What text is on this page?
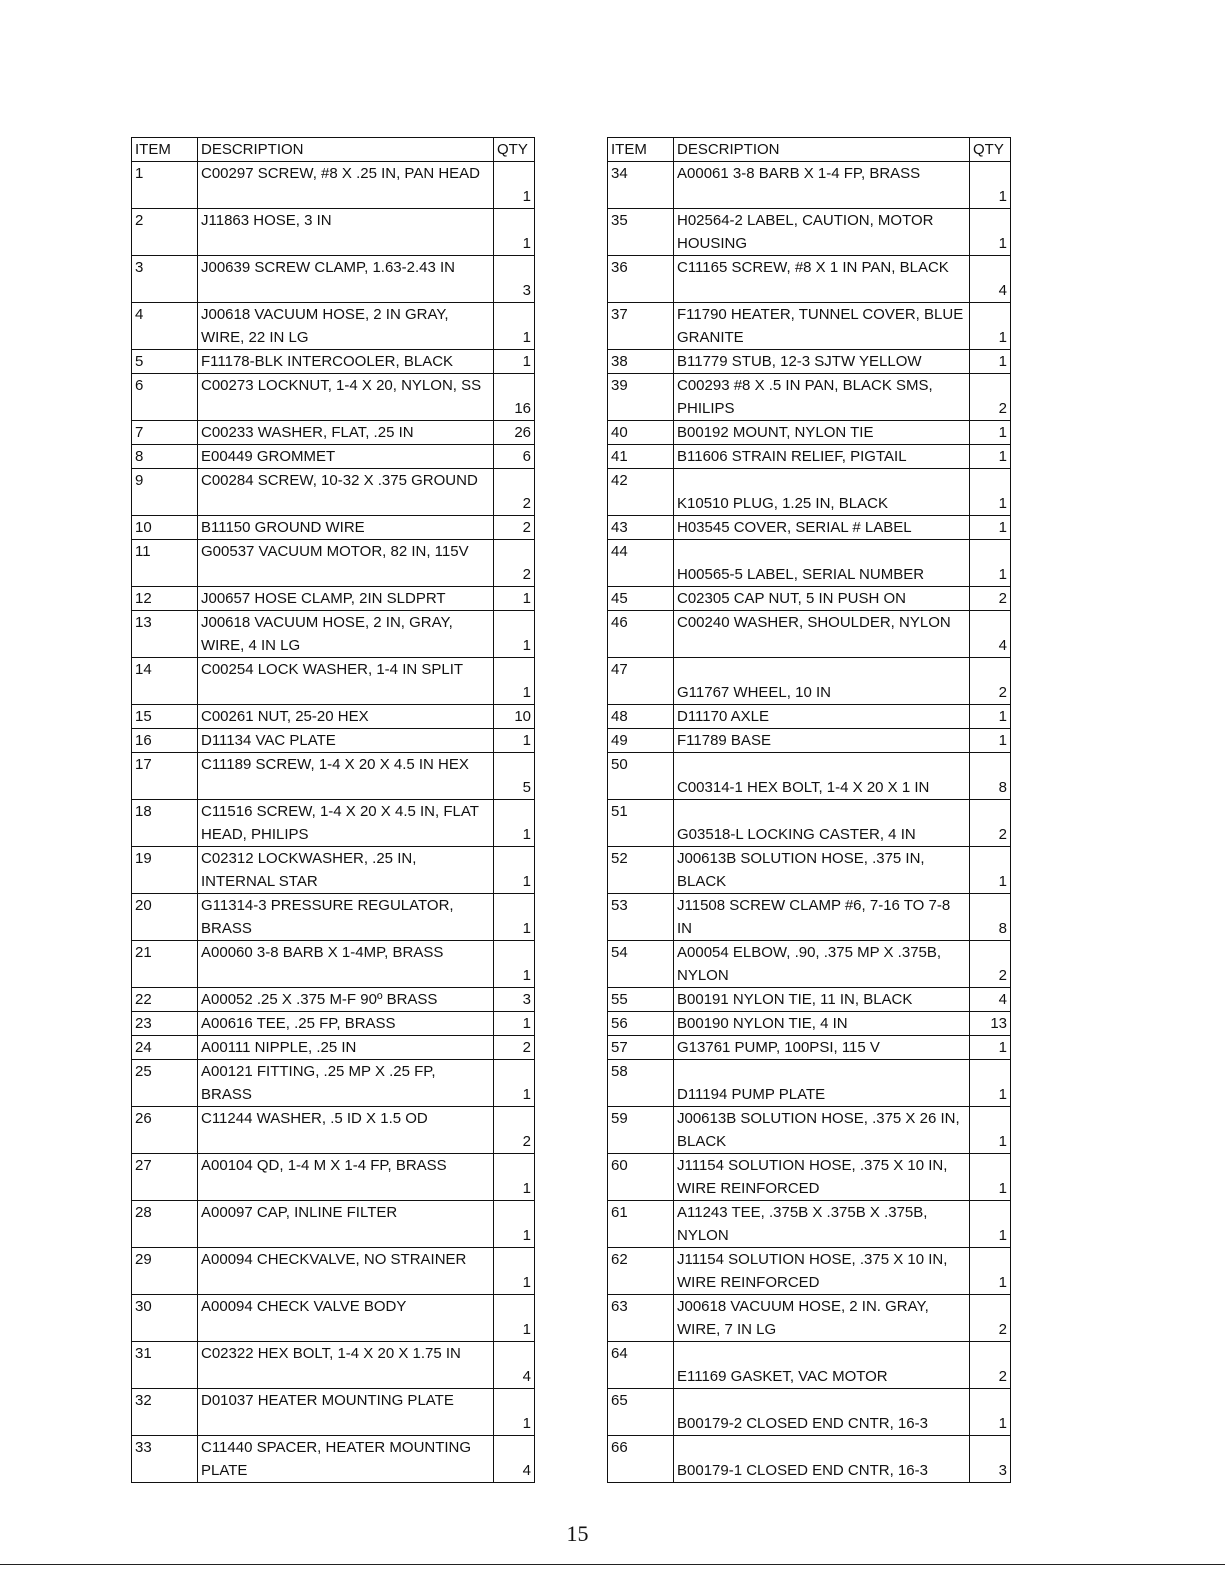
ITEM	DESCRIPTION	QTY
1	C00297 SCREW, #8 X .25 IN, PAN HEAD	1
2	J11863 HOSE, 3 IN	1
3	J00639 SCREW CLAMP, 1.63-2.43 IN	3
4	J00618 VACUUM HOSE, 2 IN GRAY, WIRE, 22 IN LG	1
5	F11178-BLK INTERCOOLER, BLACK	1
6	C00273 LOCKNUT, 1-4 X 20, NYLON, SS	16
7	C00233 WASHER, FLAT, .25 IN	26
8	E00449 GROMMET	6
9	C00284 SCREW, 10-32 X .375 GROUND	2
10	B11150 GROUND WIRE	2
11	G00537 VACUUM MOTOR, 82 IN, 115V	2
12	J00657 HOSE CLAMP, 2IN SLDPRT	1
13	J00618 VACUUM HOSE, 2 IN, GRAY, WIRE, 4 IN LG	1
14	C00254 LOCK WASHER, 1-4 IN SPLIT	1
15	C00261 NUT, 25-20 HEX	10
16	D11134 VAC PLATE	1
17	C11189 SCREW, 1-4 X 20 X 4.5 IN HEX	5
18	C11516 SCREW, 1-4 X 20 X 4.5 IN, FLAT HEAD, PHILIPS	1
19	C02312 LOCKWASHER, .25 IN, INTERNAL STAR	1
20	G11314-3 PRESSURE REGULATOR, BRASS	1
21	A00060 3-8 BARB X 1-4MP, BRASS	1
22	A00052 .25 X .375 M-F 90º BRASS	3
23	A00616 TEE, .25 FP, BRASS	1
24	A00111 NIPPLE, .25 IN	2
25	A00121 FITTING, .25 MP X .25 FP, BRASS	1
26	C11244 WASHER, .5 ID X 1.5 OD	2
27	A00104 QD, 1-4 M X 1-4 FP, BRASS	1
28	A00097 CAP, INLINE FILTER	1
29	A00094 CHECKVALVE, NO STRAINER	1
30	A00094 CHECK VALVE BODY	1
31	C02322 HEX BOLT, 1-4 X 20 X 1.75 IN	4
32	D01037 HEATER MOUNTING PLATE	1
33	C11440 SPACER, HEATER MOUNTING PLATE	4
ITEM	DESCRIPTION	QTY
34	A00061 3-8 BARB X 1-4 FP, BRASS	1
35	H02564-2 LABEL, CAUTION, MOTOR HOUSING	1
36	C11165 SCREW, #8 X 1 IN PAN, BLACK	4
37	F11790 HEATER, TUNNEL COVER, BLUE GRANITE	1
38	B11779 STUB, 12-3 SJTW YELLOW	1
39	C00293 #8 X .5 IN PAN, BLACK SMS, PHILIPS	2
40	B00192 MOUNT, NYLON TIE	1
41	B11606 STRAIN RELIEF, PIGTAIL	1
42	K10510 PLUG, 1.25 IN, BLACK	1
43	H03545 COVER, SERIAL # LABEL	1
44	H00565-5 LABEL, SERIAL NUMBER	1
45	C02305 CAP NUT, 5 IN PUSH ON	2
46	C00240 WASHER, SHOULDER, NYLON	4
47	G11767 WHEEL, 10 IN	2
48	D11170 AXLE	1
49	F11789 BASE	1
50	C00314-1 HEX BOLT, 1-4 X 20 X 1 IN	8
51	G03518-L LOCKING CASTER, 4 IN	2
52	J00613B SOLUTION HOSE, .375 IN, BLACK	1
53	J11508 SCREW CLAMP #6, 7-16 TO 7-8 IN	8
54	A00054 ELBOW, .90, .375 MP X .375B, NYLON	2
55	B00191 NYLON TIE, 11 IN, BLACK	4
56	B00190 NYLON TIE, 4 IN	13
57	G13761 PUMP, 100PSI, 115 V	1
58	D11194 PUMP PLATE	1
59	J00613B SOLUTION HOSE, .375 X 26 IN, BLACK	1
60	J11154 SOLUTION HOSE, .375 X 10 IN, WIRE REINFORCED	1
61	A11243 TEE, .375B X .375B X .375B, NYLON	1
62	J11154 SOLUTION HOSE, .375 X 10 IN, WIRE REINFORCED	1
63	J00618 VACUUM HOSE, 2 IN. GRAY, WIRE, 7 IN LG	2
64	E11169 GASKET, VAC MOTOR	2
65	B00179-2 CLOSED END CNTR, 16-3	1
66	B00179-1 CLOSED END CNTR, 16-3	3
15
